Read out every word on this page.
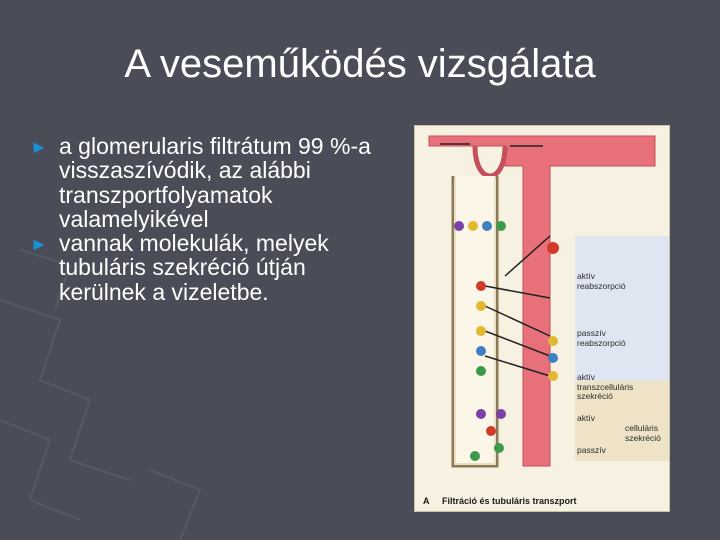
A veseműködés vizsgálata
► a glomerularis filtrátum 99 %-a visszaszívódik, az alábbi transzportfolyamatok valamelyikével
► vannak molekulák, melyek tubuláris szekréció útján kerülnek a vizeletbe.
aktív
reabszorpció
passzív
reabszorpció
aktív
transzcelluláris
szekréció
aktív
celluláris
szekréció
passzív
A Filtráció és tubuláris transzport
